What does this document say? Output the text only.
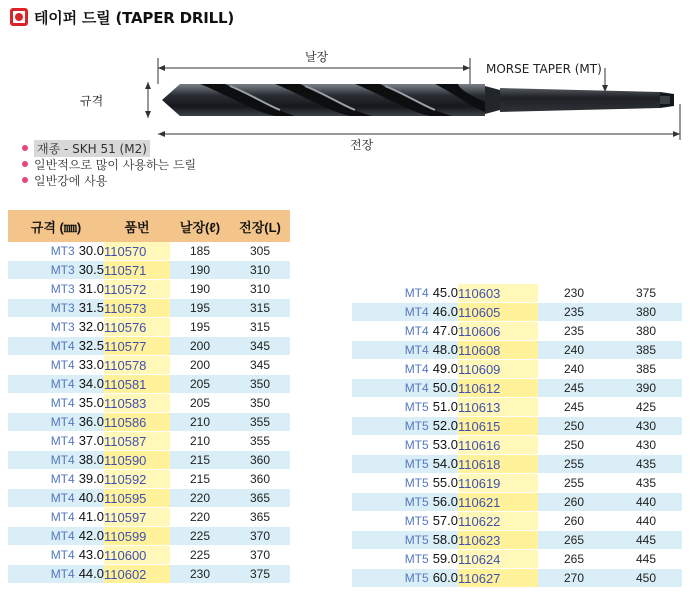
테이퍼 드릴 (TAPER DRILL)
날장
전장
규격
MORSE TAPER (MT)
재종 - SKH 51 (M2)
일반적으로 많이 사용하는 드릴
일반강에 사용
규격 (㎜)	품번	날장(ℓ)	전장(L)
MT3 30.0	110570	185	305
MT3 30.5	110571	190	310
MT3 31.0	110572	190	310
MT3 31.5	110573	195	315
MT3 32.0	110576	195	315
MT4 32.5	110577	200	345
MT4 33.0	110578	200	345
MT4 34.0	110581	205	350
MT4 35.0	110583	205	350
MT4 36.0	110586	210	355
MT4 37.0	110587	210	355
MT4 38.0	110590	215	360
MT4 39.0	110592	215	360
MT4 40.0	110595	220	365
MT4 41.0	110597	220	365
MT4 42.0	110599	225	370
MT4 43.0	110600	225	370
MT4 44.0	110602	230	375
MT4 45.0	110603	230	375
MT4 46.0	110605	235	380
MT4 47.0	110606	235	380
MT4 48.0	110608	240	385
MT4 49.0	110609	240	385
MT4 50.0	110612	245	390
MT5 51.0	110613	245	425
MT5 52.0	110615	250	430
MT5 53.0	110616	250	430
MT5 54.0	110618	255	435
MT5 55.0	110619	255	435
MT5 56.0	110621	260	440
MT5 57.0	110622	260	440
MT5 58.0	110623	265	445
MT5 59.0	110624	265	445
MT5 60.0	110627	270	450
